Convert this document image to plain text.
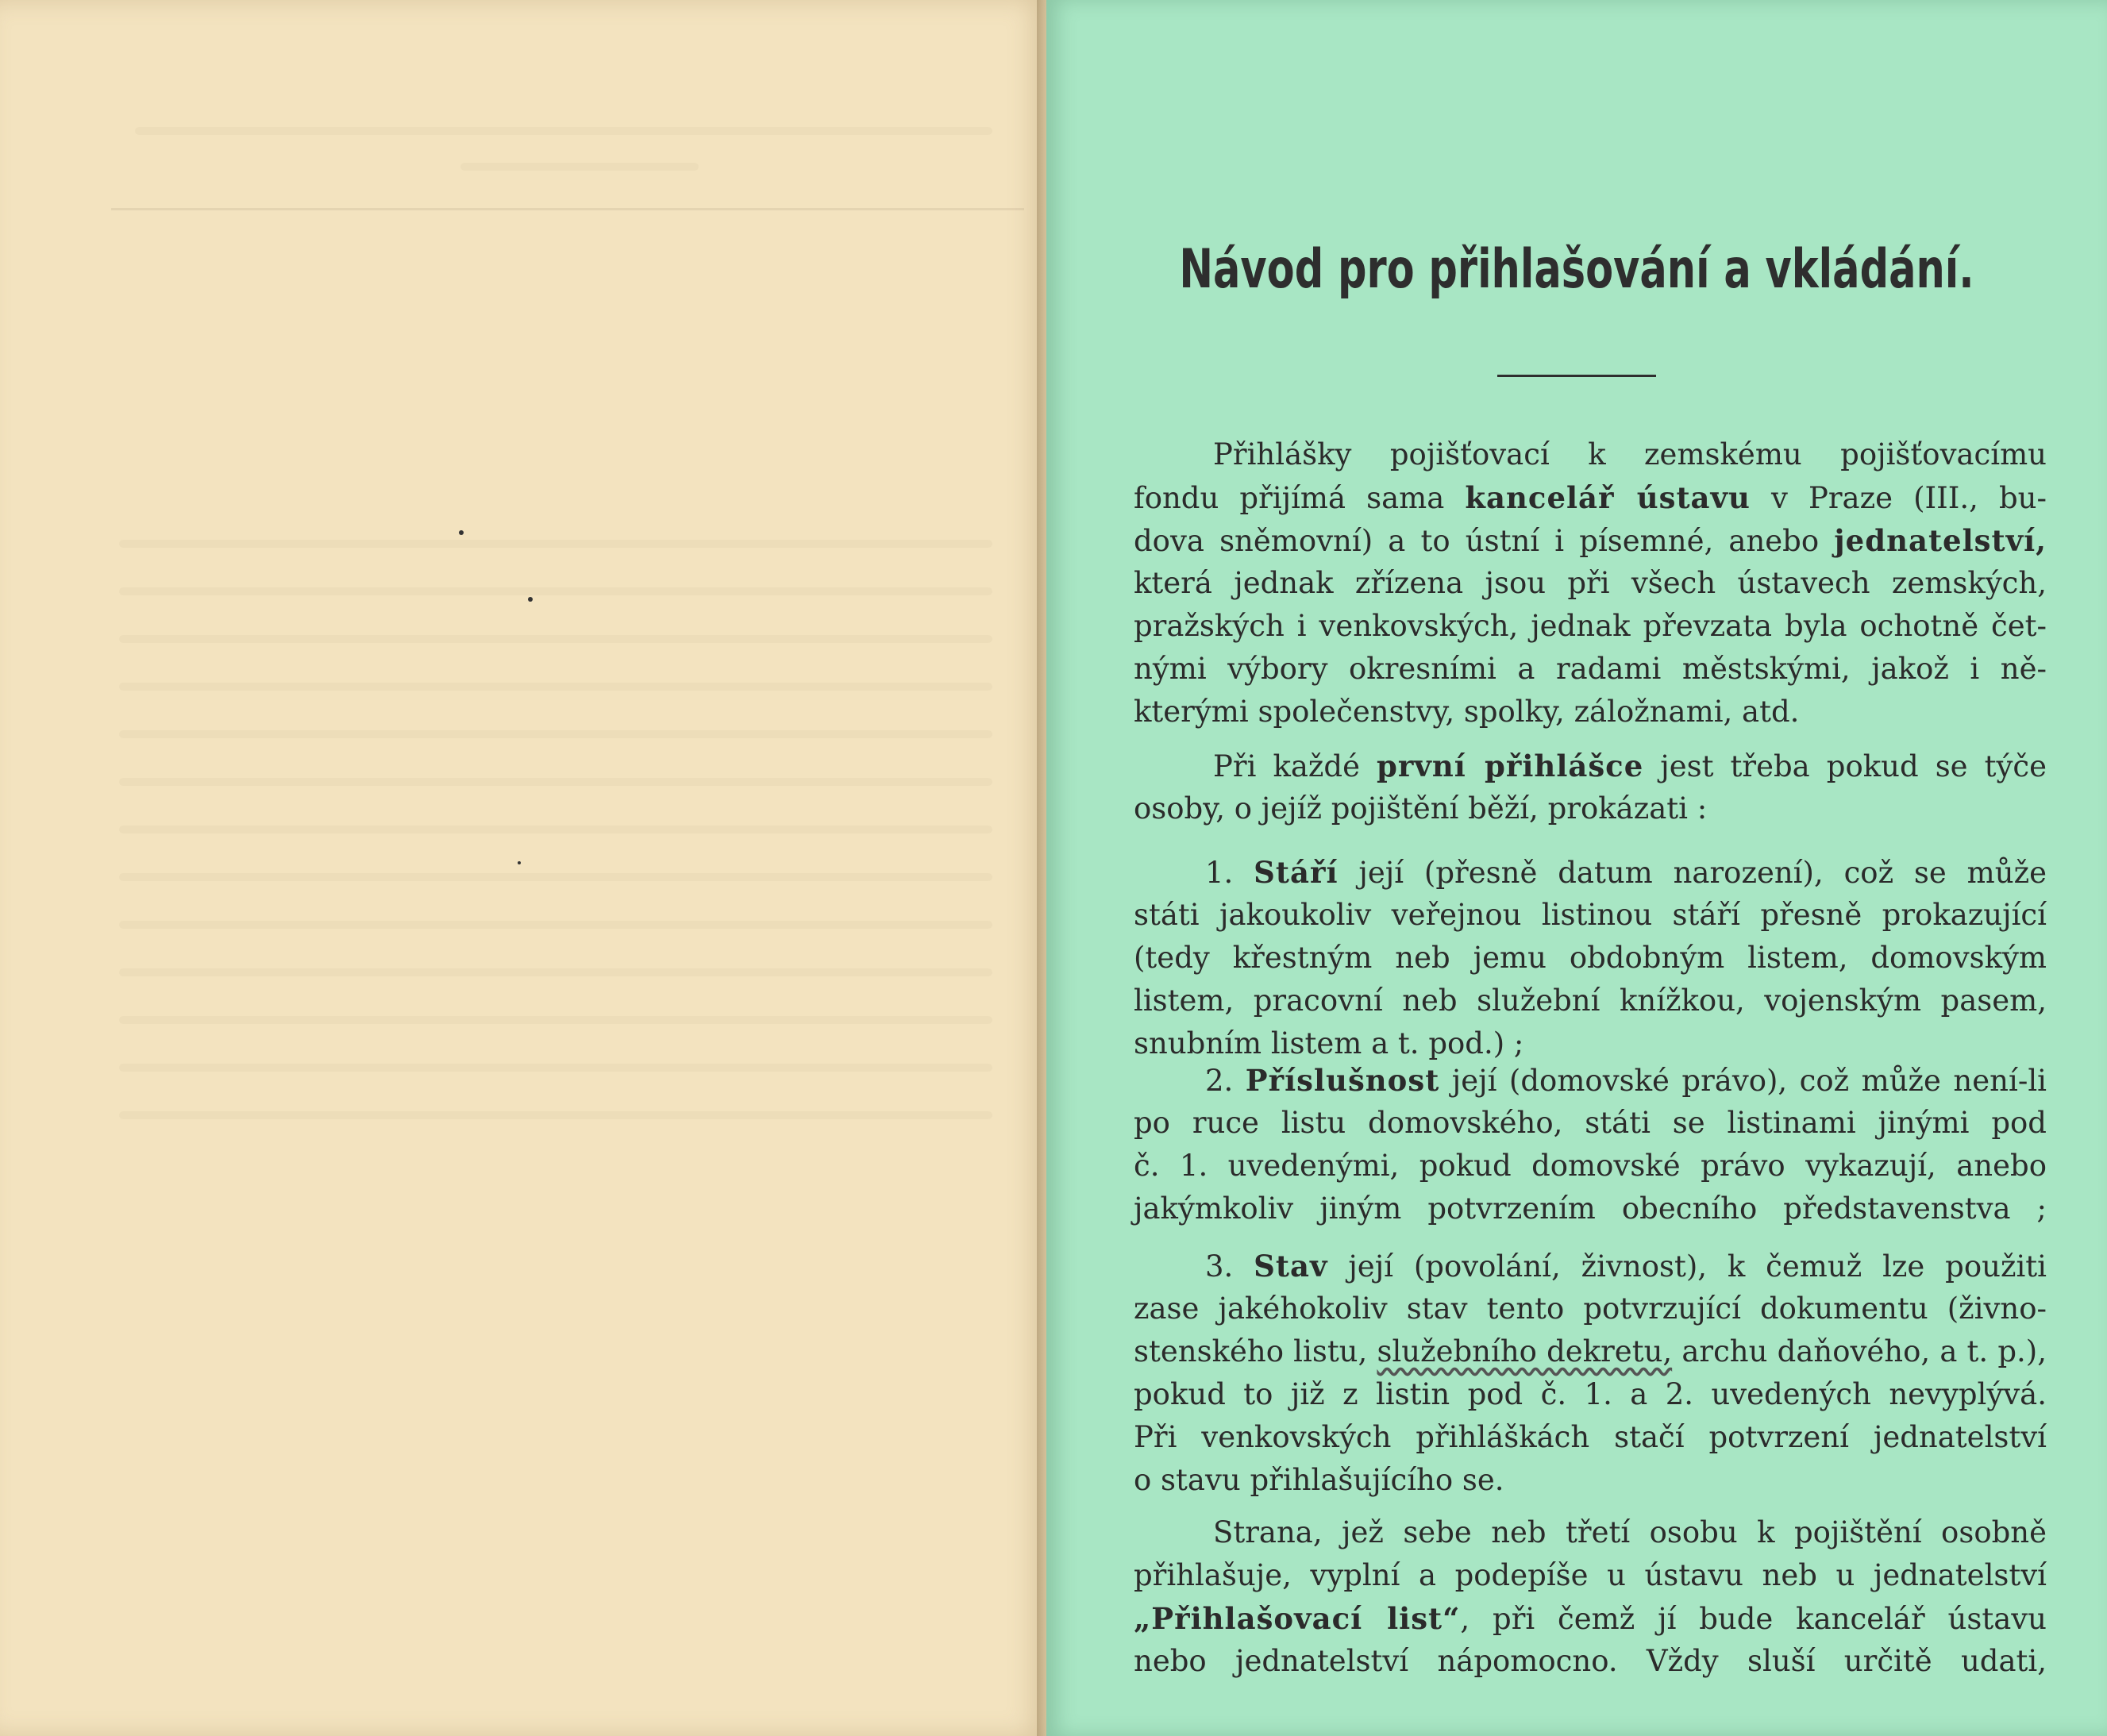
Návod pro přihlašování a vkládání.
Přihlášky pojišťovací k zemskému pojišťovacímu
fondu přijímá sama kancelář ústavu v Praze (III., bu-
dova sněmovní) a to ústní i písemné, anebo jednatelství,
která jednak zřízena jsou při všech ústavech zemských,
pražských i venkovských, jednak převzata byla ochotně čet-
nými výbory okresními a radami městskými, jakož i ně-
kterými společenstvy, spolky, záložnami, atd.
Při každé první přihlášce jest třeba pokud se týče
osoby, o jejíž pojištění běží, prokázati :
1. Stáří její (přesně datum narození), což se může
státi jakoukoliv veřejnou listinou stáří přesně prokazující
(tedy křestným neb jemu obdobným listem, domovským
listem, pracovní neb služební knížkou, vojenským pasem,
snubním listem a t. pod.) ;
2. Příslušnost její (domovské právo), což může není-li
po ruce listu domovského, státi se listinami jinými pod
č. 1. uvedenými, pokud domovské právo vykazují, anebo
jakýmkoliv jiným potvrzením obecního představenstva ;
3. Stav její (povolání, živnost), k čemuž lze použiti
zase jakéhokoliv stav tento potvrzující dokumentu (živno-
stenského listu, služebního dekretu, archu daňového, a t. p.),
pokud to již z listin pod č. 1. a 2. uvedených nevyplývá.
Při venkovských přihláškách stačí potvrzení jednatelství
o stavu přihlašujícího se.
Strana, jež sebe neb třetí osobu k pojištění osobně
přihlašuje, vyplní a podepíše u ústavu neb u jednatelství
„Přihlašovací list“, při čemž jí bude kancelář ústavu
nebo jednatelství nápomocno. Vždy sluší určitě udati,
